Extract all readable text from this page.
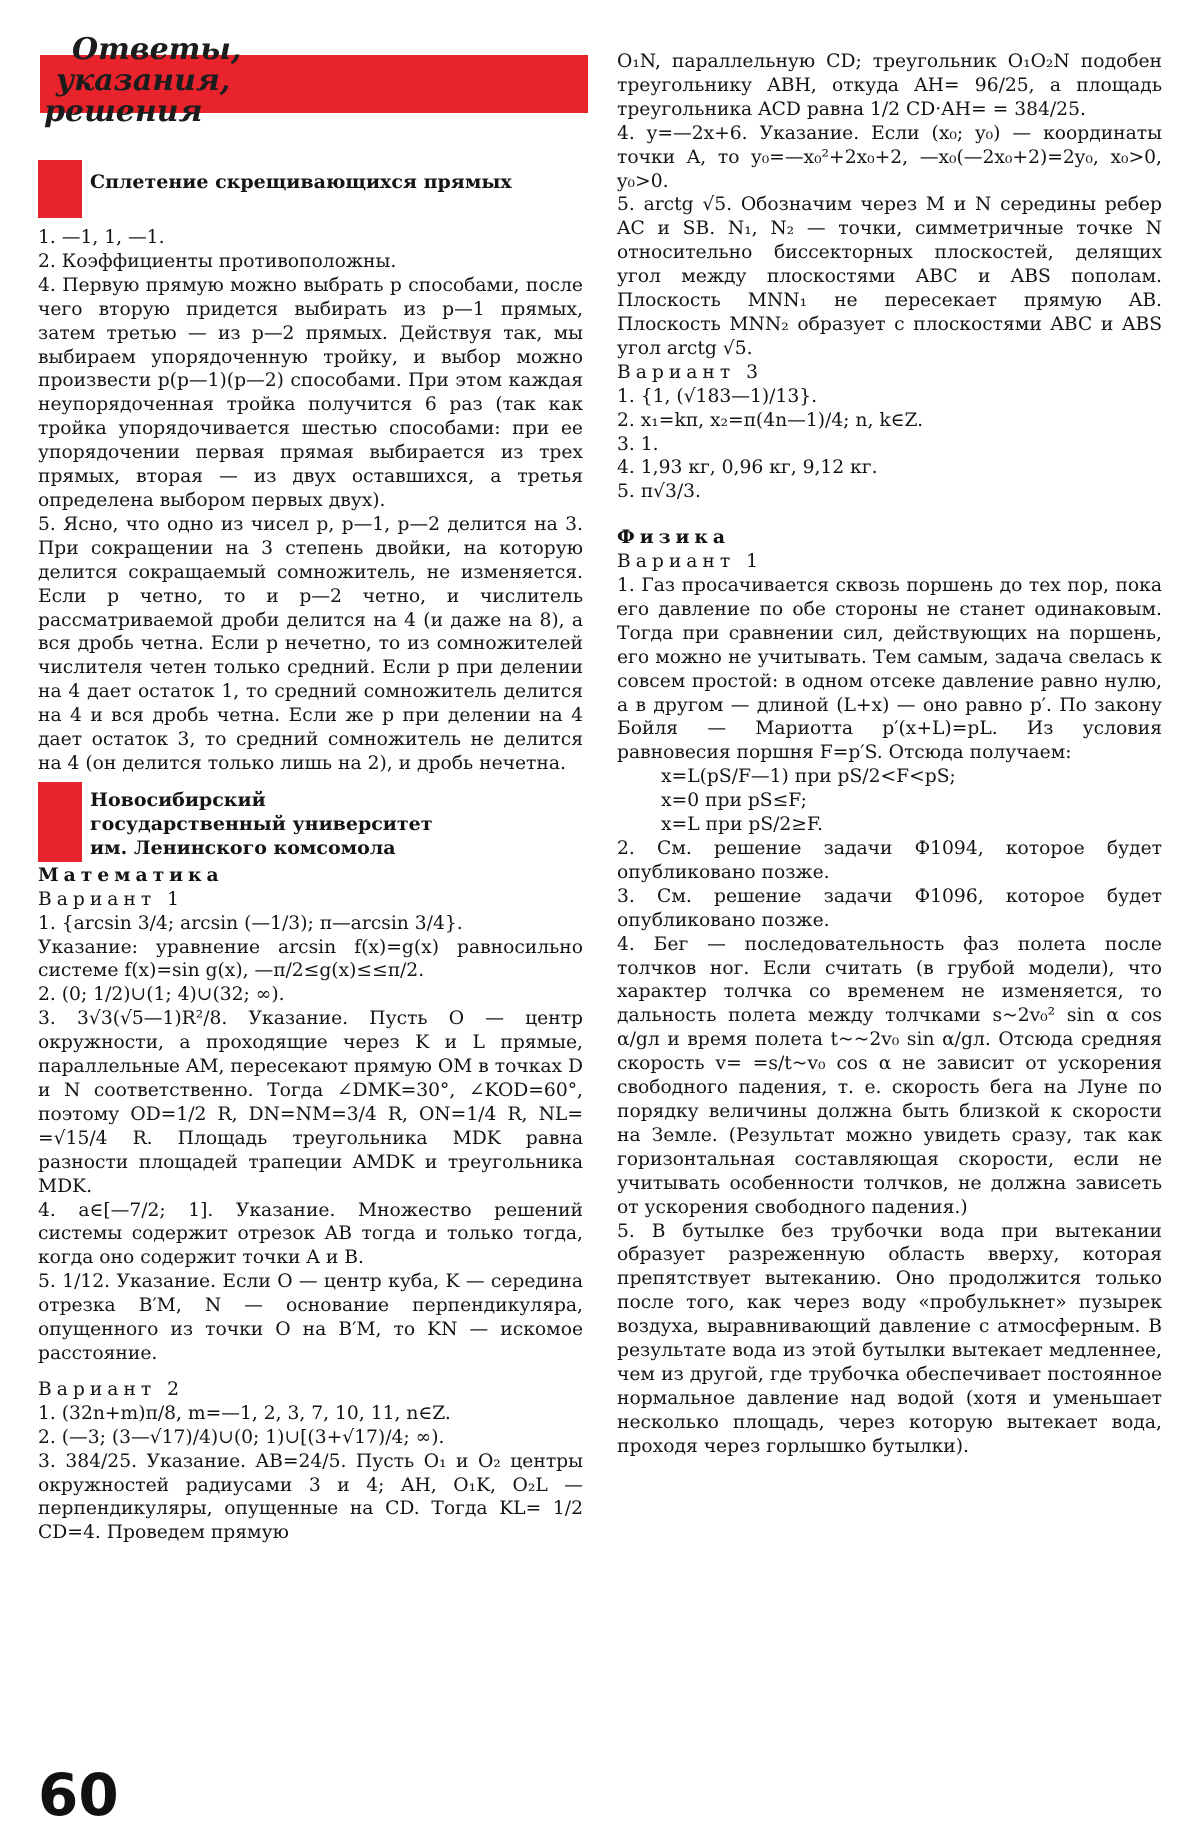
Ответы,
указания,
решения
Сплетение скрещивающихся прямых

1. —1, 1, —1.

2. Коэффициенты противоположны.

4. Первую прямую можно выбрать p способами, после чего вторую придется выбирать из p—1 прямых, затем третью — из p—2 прямых. Действуя так, мы выбираем упорядоченную тройку, и выбор можно произвести p(p—1)(p—2) способами. При этом каждая неупорядоченная тройка получится 6 раз (так как тройка упорядочивается шестью способами: при ее упорядочении первая прямая выбирается из трех прямых, вторая — из двух оставшихся, а третья определена выбором первых двух).

5. Ясно, что одно из чисел p, p—1, p—2 делится на 3. При сокращении на 3 степень двойки, на которую делится сокращаемый сомножитель, не изменяется. Если p четно, то и p—2 четно, и числитель рассматриваемой дроби делится на 4 (и даже на 8), а вся дробь четна. Если p нечетно, то из сомножителей числителя четен только средний. Если p при делении на 4 дает остаток 1, то средний сомножитель делится на 4 и вся дробь четна. Если же p при делении на 4 дает остаток 3, то средний сомножитель не делится на 4 (он делится только лишь на 2), и дробь нечетна.

Новосибирский
государственный университет
им. Ленинского комсомола

Математика

Вариант 1

1. {arcsin 3/4; arcsin (—1/3); π—arcsin 3/4}.

Указание: уравнение arcsin f(x)=g(x) равносильно системе f(x)=sin g(x), —π/2≤g(x)≤≤π/2.

2. (0; 1/2)∪(1; 4)∪(32; ∞).

3. 3√3(√5—1)R²/8. Указание. Пусть O — центр окружности, а проходящие через K и L прямые, параллельные AM, пересекают прямую OM в точках D и N соответственно. Тогда ∠DMK=30°, ∠KOD=60°, поэтому OD=1/2 R, DN=NM=3/4 R, ON=1/4 R, NL= =√15/4 R. Площадь треугольника MDK равна разности площадей трапеции AMDK и треугольника MDK.

4. a∈[—7/2; 1]. Указание. Множество решений системы содержит отрезок AB тогда и только тогда, когда оно содержит точки A и B.

5. 1/12. Указание. Если O — центр куба, K — середина отрезка B′M, N — основание перпендикуляра, опущенного из точки O на B′M, то KN — искомое расстояние.

Вариант 2

1. (32n+m)π/8, m=—1, 2, 3, 7, 10, 11, n∈Z.

2. (—3; (3—√17)/4)∪(0; 1)∪[(3+√17)/4; ∞).

3. 384/25. Указание. AB=24/5. Пусть O₁ и O₂ центры окружностей радиусами 3 и 4; AH, O₁K, O₂L — перпендикуляры, опущенные на CD. Тогда KL= 1/2 CD=4. Проведем прямую

O₁N, параллельную CD; треугольник O₁O₂N подобен треугольнику ABH, откуда AH= 96/25, а площадь треугольника ACD равна 1/2 CD·AH= = 384/25.

4. y=—2x+6. Указание. Если (x₀; y₀) — координаты точки A, то y₀=—x₀²+2x₀+2, —x₀(—2x₀+2)=2y₀, x₀>0, y₀>0.

5. arctg √5. Обозначим через M и N середины ребер AC и SB. N₁, N₂ — точки, симметричные точке N относительно биссекторных плоскостей, делящих угол между плоскостями ABC и ABS пополам. Плоскость MNN₁ не пересекает прямую AB. Плоскость MNN₂ образует с плоскостями ABC и ABS угол arctg √5.

Вариант 3

1. {1, (√183—1)/13}.

2. x₁=kπ, x₂=π(4n—1)/4; n, k∈Z.

3. 1.

4. 1,93 кг, 0,96 кг, 9,12 кг.

5. π√3/3.

Физика

Вариант 1

1. Газ просачивается сквозь поршень до тех пор, пока его давление по обе стороны не станет одинаковым. Тогда при сравнении сил, действующих на поршень, его можно не учитывать. Тем самым, задача свелась к совсем простой: в одном отсеке давление равно нулю, а в другом — длиной (L+x) — оно равно p′. По закону Бойля — Мариотта p′(x+L)=pL. Из условия равновесия поршня F=p′S. Отсюда получаем:

x=L(pS/F—1) при pS/2<F<pS;

x=0 при pS≤F;

x=L при pS/2≥F.

2. См. решение задачи Ф1094, которое будет опубликовано позже.

3. См. решение задачи Ф1096, которое будет опубликовано позже.

4. Бег — последовательность фаз полета после толчков ног. Если считать (в грубой модели), что характер толчка со временем не изменяется, то дальность полета между толчками s~2v₀² sin α cos α/gл и время полета t~~2v₀ sin α/gл. Отсюда средняя скорость v= =s/t~v₀ cos α не зависит от ускорения свободного падения, т. е. скорость бега на Луне по порядку величины должна быть близкой к скорости на Земле. (Результат можно увидеть сразу, так как горизонтальная составляющая скорости, если не учитывать особенности толчков, не должна зависеть от ускорения свободного падения.)

5. В бутылке без трубочки вода при вытекании образует разреженную область вверху, которая препятствует вытеканию. Оно продолжится только после того, как через воду «пробулькнет» пузырек воздуха, выравнивающий давление с атмосферным. В результате вода из этой бутылки вытекает медленнее, чем из другой, где трубочка обеспечивает постоянное нормальное давление над водой (хотя и уменьшает несколько площадь, через которую вытекает вода, проходя через горлышко бутылки).

60
